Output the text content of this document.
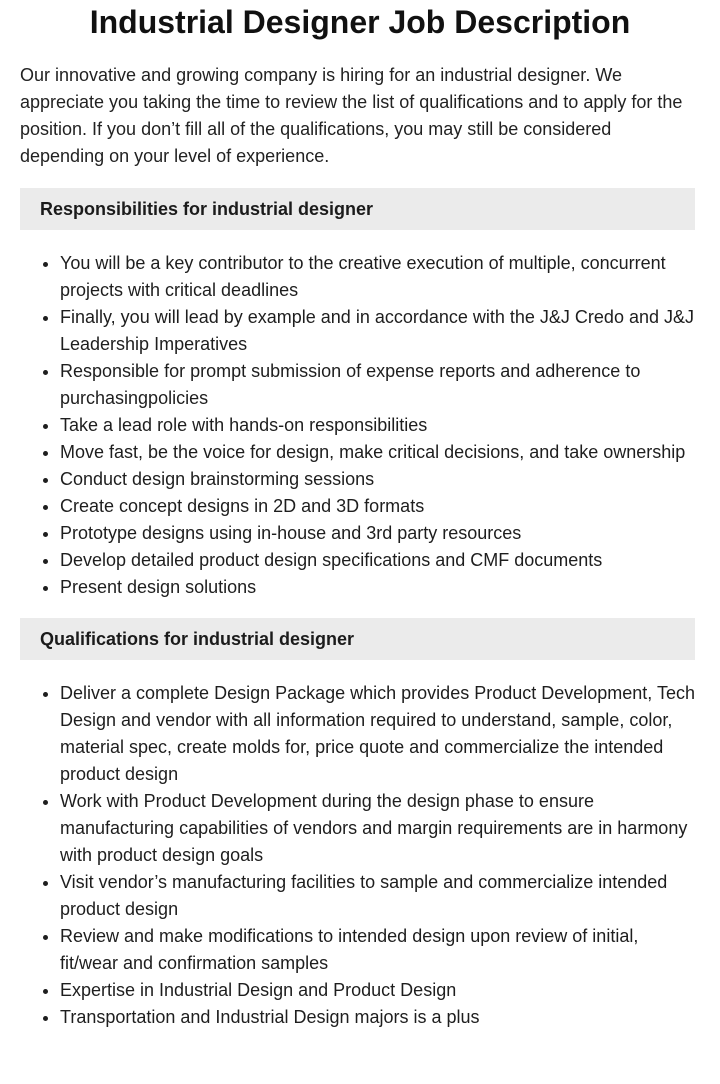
Industrial Designer Job Description

Our innovative and growing company is hiring for an industrial designer. We appreciate you taking the time to review the list of qualifications and to apply for the position. If you don’t fill all of the qualifications, you may still be considered depending on your level of experience.

Responsibilities for industrial designer
• You will be a key contributor to the creative execution of multiple, concurrent projects with critical deadlines
• Finally, you will lead by example and in accordance with the J&J Credo and J&J Leadership Imperatives
• Responsible for prompt submission of expense reports and adherence to purchasingpolicies
• Take a lead role with hands-on responsibilities
• Move fast, be the voice for design, make critical decisions, and take ownership
• Conduct design brainstorming sessions
• Create concept designs in 2D and 3D formats
• Prototype designs using in-house and 3rd party resources
• Develop detailed product design specifications and CMF documents
• Present design solutions
Qualifications for industrial designer
• Deliver a complete Design Package which provides Product Development, Tech Design and vendor with all information required to understand, sample, color, material spec, create molds for, price quote and commercialize the intended product design
• Work with Product Development during the design phase to ensure manufacturing capabilities of vendors and margin requirements are in harmony with product design goals
• Visit vendor’s manufacturing facilities to sample and commercialize intended product design
• Review and make modifications to intended design upon review of initial, fit/wear and confirmation samples
• Expertise in Industrial Design and Product Design
• Transportation and Industrial Design majors is a plus
